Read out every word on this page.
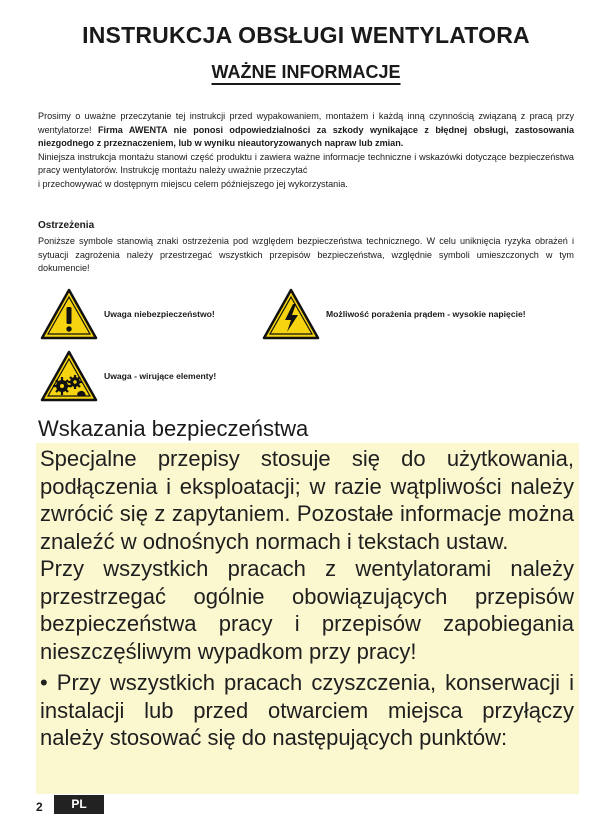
INSTRUKCJA OBSŁUGI WENTYLATORA
WAŻNE INFORMACJE

Prosimy o uważne przeczytanie tej instrukcji przed wypakowaniem, montażem i każdą inną czynnością związaną z pracą przy wentylatorze! Firma AWENTA nie ponosi odpowiedzialności za szkody wynikające z błędnej obsługi, zastosowania niezgodnego z przeznaczeniem, lub w wyniku nieautoryzowanych napraw lub zmian.

Niniejsza instrukcja montażu stanowi część produktu i zawiera ważne informacje techniczne i wskazówki dotyczące bezpieczeństwa pracy wentylatorów. Instrukcję montażu należy uważnie przeczytać

i przechowywać w dostępnym miejscu celem późniejszego jej wykorzystania.

Ostrzeżenia
Poniższe symbole stanowią znaki ostrzeżenia pod względem bezpieczeństwa technicznego. W celu uniknięcia ryzyka obrażeń i sytuacji zagrożenia należy przestrzegać wszystkich przepisów bezpieczeństwa, względnie symboli umieszczonych w tym dokumencie!
Uwaga niebezpieczeństwo!	Możliwość porażenia prądem - wysokie napięcie!
Uwaga - wirujące elementy!
Wskazania bezpieczeństwa

Specjalne przepisy stosuje się do użytkowania, podłączenia i eksploatacji; w razie wątpliwości należy zwrócić się z zapytaniem. Pozostałe informacje można znaleźć w odnośnych normach i tekstach ustaw.

Przy wszystkich pracach z wentylatorami należy przestrzegać ogólnie obowiązujących przepisów bezpieczeństwa pracy i przepisów zapobiegania nieszczęśliwym wypadkom przy pracy!

• Przy wszystkich pracach czyszczenia, konserwacji i instalacji lub przed otwarciem miejsca przyłączy należy stosować się do następujących punktów:

2	PL
